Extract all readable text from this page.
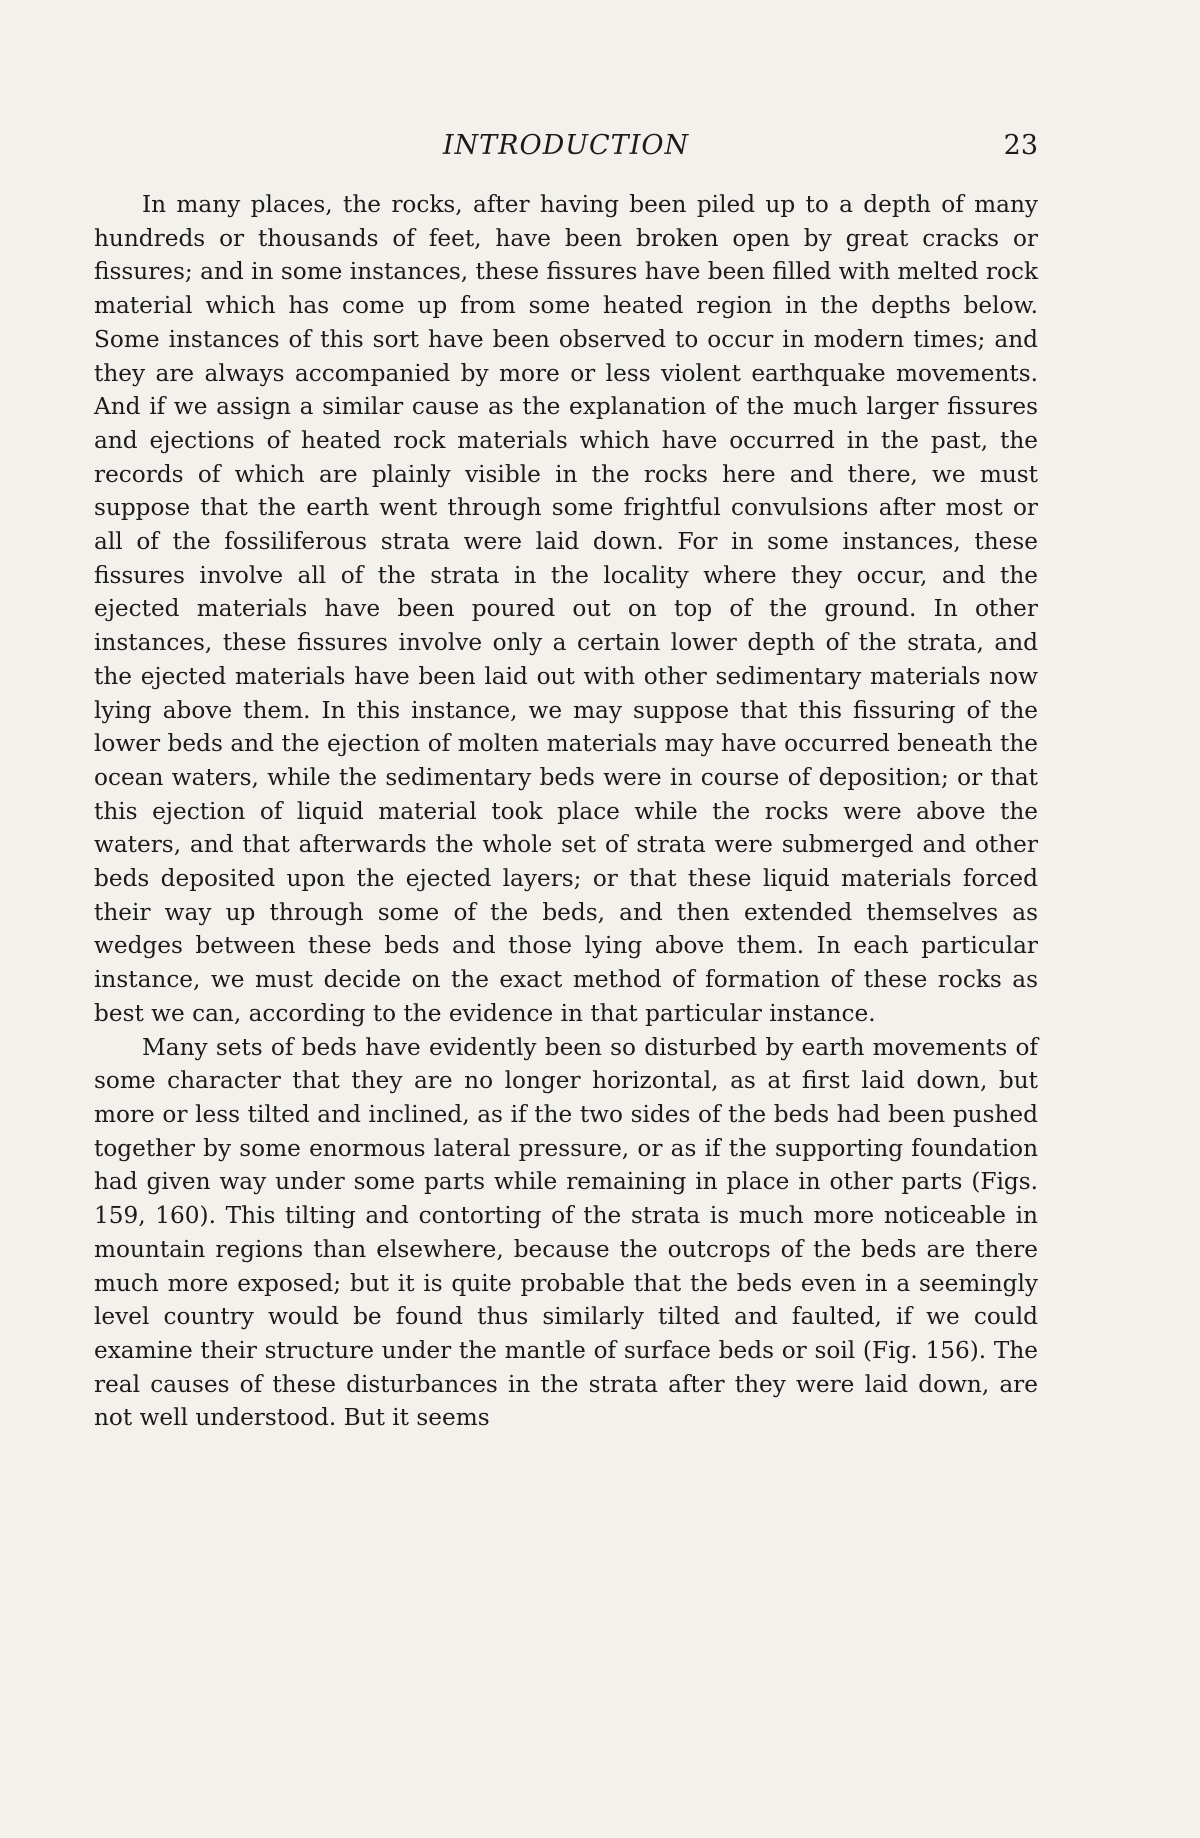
INTRODUCTION	23

In many places, the rocks, after having been piled up to a depth of many hundreds or thousands of feet, have been broken open by great cracks or fissures; and in some instances, these fissures have been filled with melted rock material which has come up from some heated region in the depths below. Some instances of this sort have been observed to occur in modern times; and they are always accompanied by more or less violent earthquake movements. And if we assign a similar cause as the explanation of the much larger fissures and ejections of heated rock materials which have occurred in the past, the records of which are plainly visible in the rocks here and there, we must suppose that the earth went through some frightful convulsions after most or all of the fossiliferous strata were laid down. For in some instances, these fissures involve all of the strata in the locality where they occur, and the ejected materials have been poured out on top of the ground. In other instances, these fissures involve only a certain lower depth of the strata, and the ejected materials have been laid out with other sedimentary materials now lying above them. In this instance, we may suppose that this fissuring of the lower beds and the ejection of molten materials may have occurred beneath the ocean waters, while the sedimentary beds were in course of deposition; or that this ejection of liquid material took place while the rocks were above the waters, and that afterwards the whole set of strata were submerged and other beds deposited upon the ejected layers; or that these liquid materials forced their way up through some of the beds, and then extended themselves as wedges between these beds and those lying above them. In each particular instance, we must decide on the exact method of formation of these rocks as best we can, according to the evidence in that particular instance.

Many sets of beds have evidently been so disturbed by earth movements of some character that they are no longer horizontal, as at first laid down, but more or less tilted and inclined, as if the two sides of the beds had been pushed together by some enormous lateral pressure, or as if the supporting foundation had given way under some parts while remaining in place in other parts (Figs. 159, 160). This tilting and contorting of the strata is much more noticeable in mountain regions than elsewhere, because the outcrops of the beds are there much more exposed; but it is quite probable that the beds even in a seemingly level country would be found thus similarly tilted and faulted, if we could examine their structure under the mantle of surface beds or soil (Fig. 156). The real causes of these disturbances in the strata after they were laid down, are not well understood. But it seems
